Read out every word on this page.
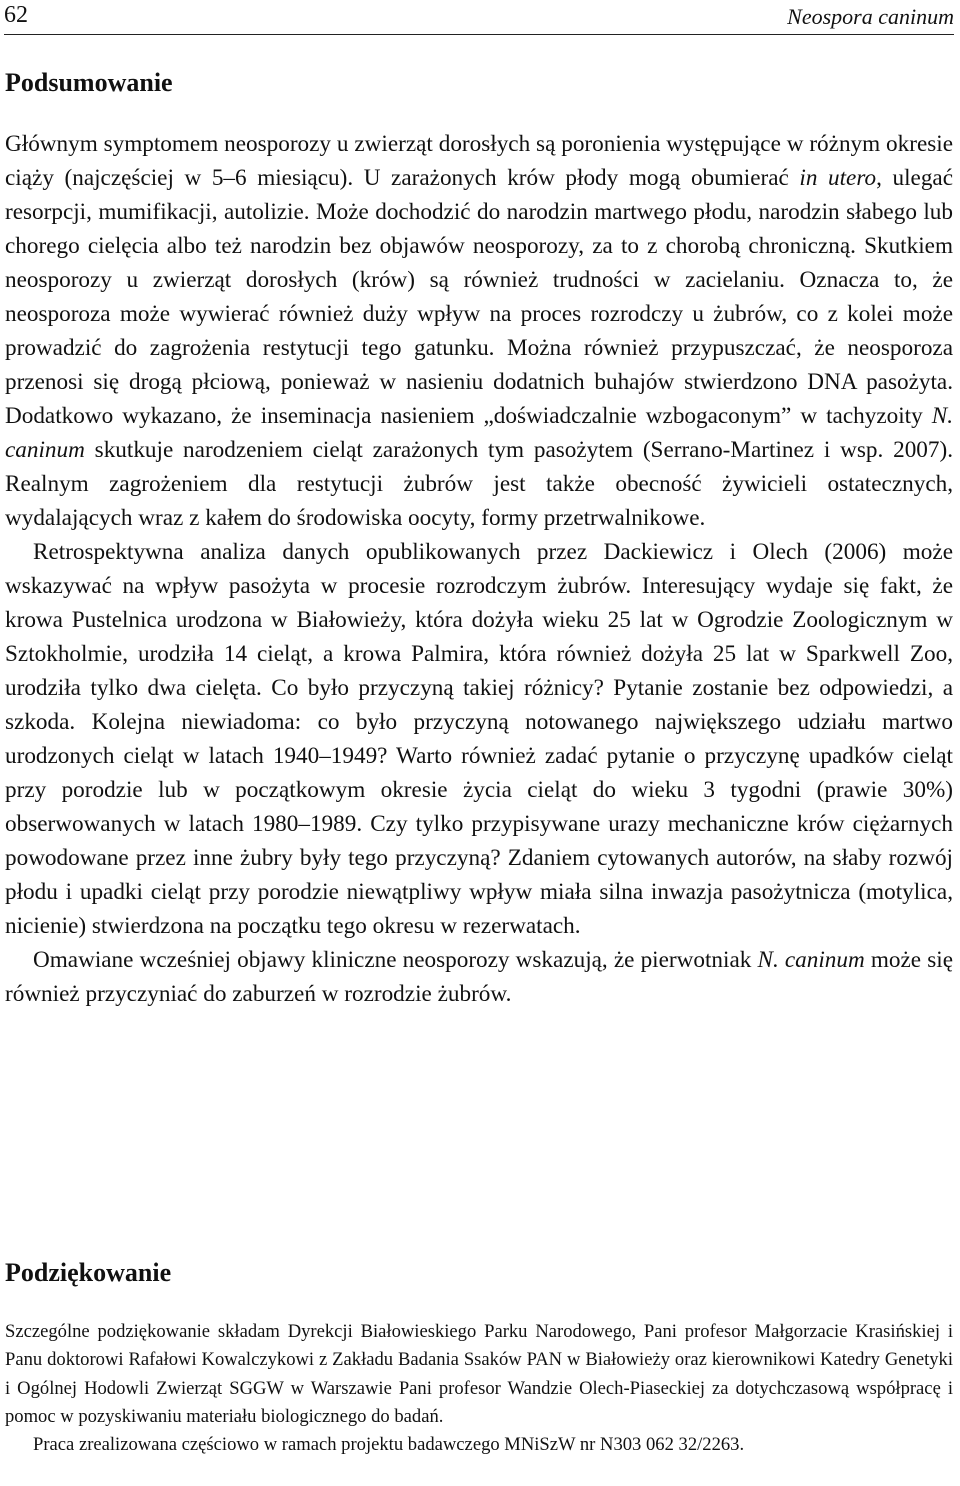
62	Neospora caninum
Podsumowanie

Głównym symptomem neosporozy u zwierząt dorosłych są poronienia występujące w różnym okresie ciąży (najczęściej w 5–6 miesiącu). U zarażonych krów płody mogą obumierać in utero, ulegać resorpcji, mumifikacji, autolizie. Może dochodzić do narodzin martwego płodu, narodzin słabego lub chorego cielęcia albo też narodzin bez objawów neosporozy, za to z chorobą chroniczną. Skutkiem neosporozy u zwierząt dorosłych (krów) są również trudności w zacielaniu. Oznacza to, że neosporoza może wywierać również duży wpływ na proces rozrodczy u żubrów, co z kolei może prowadzić do zagrożenia restytucji tego gatunku. Można również przypuszczać, że neosporoza przenosi się drogą płciową, ponieważ w nasieniu dodatnich buhajów stwierdzono DNA pasożyta. Dodatkowo wykazano, że inseminacja nasieniem „doświadczalnie wzbogaconym” w tachyzoity N. caninum skutkuje narodzeniem cieląt zarażonych tym pasożytem (Serrano-Martinez i wsp. 2007). Realnym zagrożeniem dla restytucji żubrów jest także obecność żywicieli ostatecznych, wydalających wraz z kałem do środowiska oocyty, formy przetrwalnikowe.

Retrospektywna analiza danych opublikowanych przez Dackiewicz i Olech (2006) może wskazywać na wpływ pasożyta w procesie rozrodczym żubrów. Interesujący wydaje się fakt, że krowa Pustelnica urodzona w Białowieży, która dożyła wieku 25 lat w Ogrodzie Zoologicznym w Sztokholmie, urodziła 14 cieląt, a krowa Palmira, która również dożyła 25 lat w Sparkwell Zoo, urodziła tylko dwa cielęta. Co było przyczyną takiej różnicy? Pytanie zostanie bez odpowiedzi, a szkoda. Kolejna niewiadoma: co było przyczyną notowanego największego udziału martwo urodzonych cieląt w latach 1940–1949? Warto również zadać pytanie o przyczynę upadków cieląt przy porodzie lub w początkowym okresie życia cieląt do wieku 3 tygodni (prawie 30%) obserwowanych w latach 1980–1989. Czy tylko przypisywane urazy mechaniczne krów ciężarnych powodowane przez inne żubry były tego przyczyną? Zdaniem cytowanych autorów, na słaby rozwój płodu i upadki cieląt przy porodzie niewątpliwy wpływ miała silna inwazja pasożytnicza (motylica, nicienie) stwierdzona na początku tego okresu w rezerwatach.

Omawiane wcześniej objawy kliniczne neosporozy wskazują, że pierwotniak N. caninum może się również przyczyniać do zaburzeń w rozrodzie żubrów.

Podziękowanie

Szczególne podziękowanie składam Dyrekcji Białowieskiego Parku Narodowego, Pani profesor Małgorzacie Krasińskiej i Panu doktorowi Rafałowi Kowalczykowi z Zakładu Badania Ssaków PAN w Białowieży oraz kierownikowi Katedry Genetyki i Ogólnej Hodowli Zwierząt SGGW w Warszawie Pani profesor Wandzie Olech-Piaseckiej za dotychczasową współpracę i pomoc w pozyskiwaniu materiału biologicznego do badań.

Praca zrealizowana częściowo w ramach projektu badawczego MNiSzW nr N303 062 32/2263.
